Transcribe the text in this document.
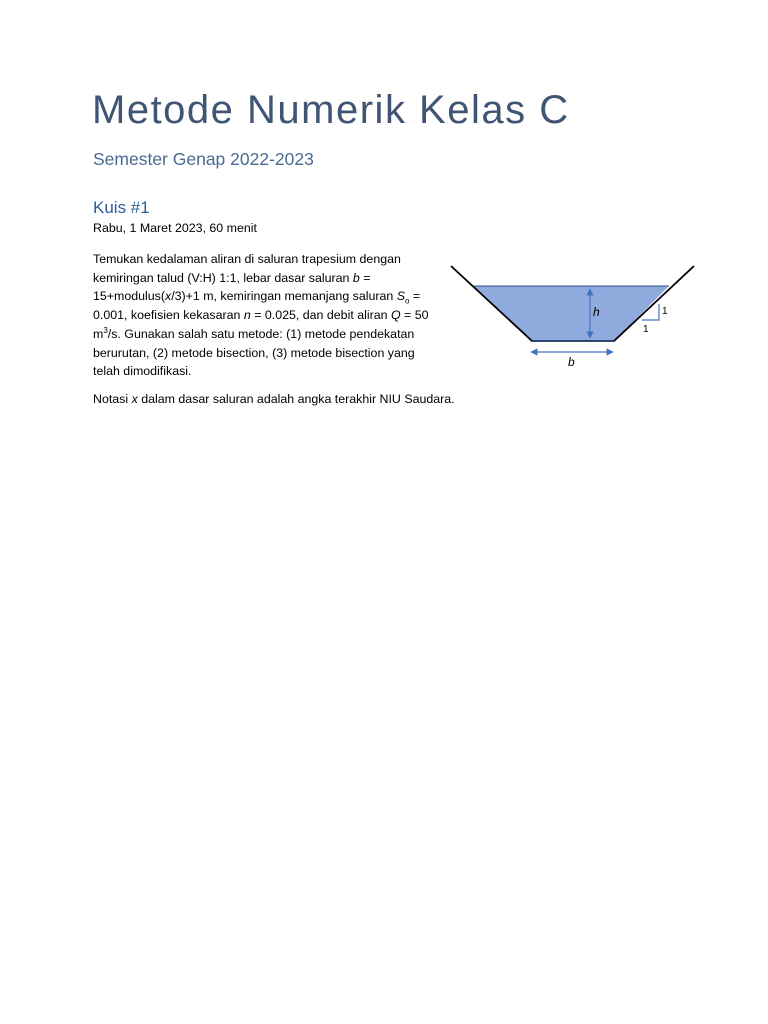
Metode Numerik Kelas C
Semester Genap 2022-2023
Kuis #1

Rabu, 1 Maret 2023, 60 menit

Temukan kedalaman aliran di saluran trapesium dengan kemiringan talud (V:H) 1:1, lebar dasar saluran b = 15+modulus(x/3)+1 m, kemiringan memanjang saluran $S_o = 0.001$, koefisien kekasaran n = 0.025, dan debit aliran Q = 50 $m^3/s$. Gunakan salah satu metode: (1) metode pendekatan berurutan, (2) metode bisection, (3) metode bisection yang telah dimodifikasi.

Notasi x dalam dasar saluran adalah angka terakhir NIU Saudara.

h
b
1
1
